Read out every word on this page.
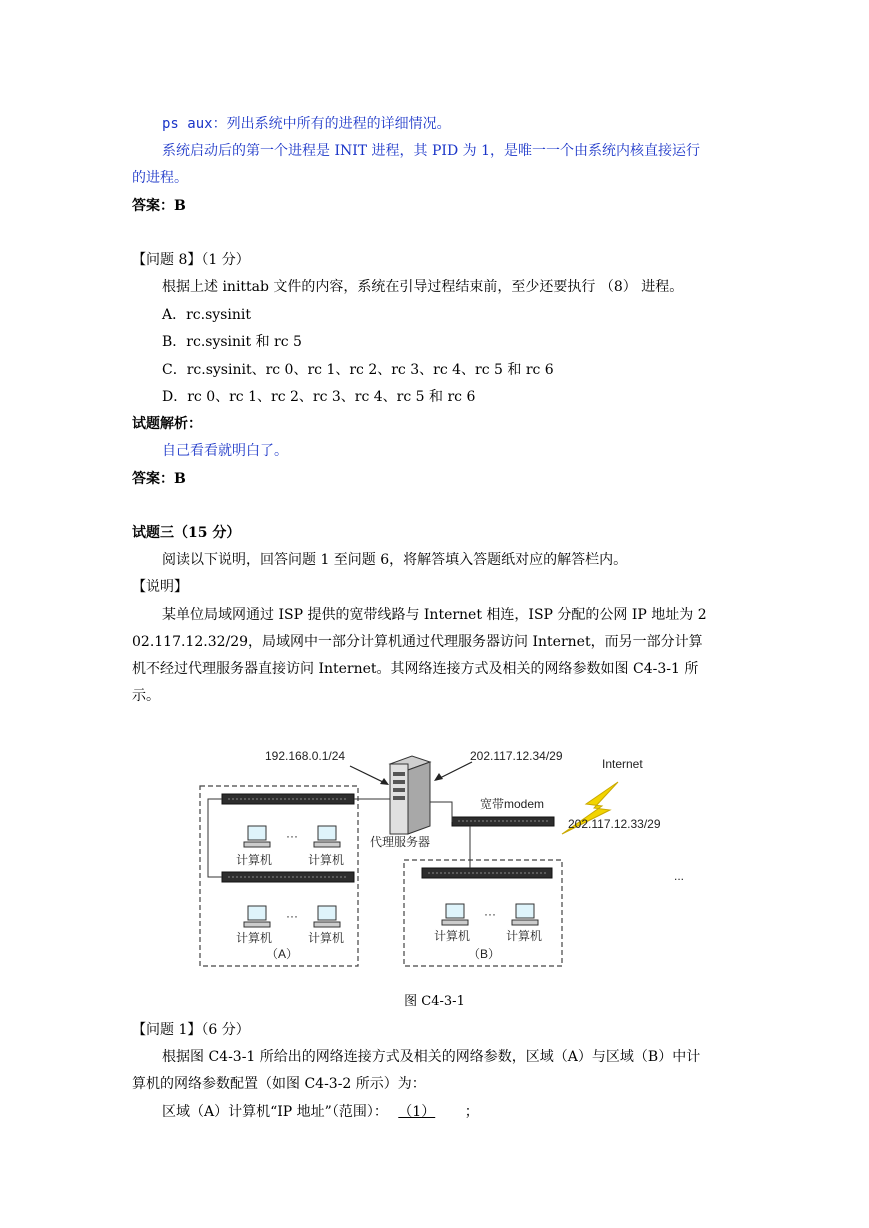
ps aux：列出系统中所有的进程的详细情况。
系统启动后的第一个进程是 INIT 进程，其 PID 为 1，是唯一一个由系统内核直接运行
的进程。
答案：B
【问题 8】（1 分）
根据上述 inittab 文件的内容，系统在引导过程结束前，至少还要执行 （8） 进程。
A．rc.sysinit
B．rc.sysinit 和 rc 5
C．rc.sysinit、rc 0、rc 1、rc 2、rc 3、rc 4、rc 5 和 rc 6
D．rc 0、rc 1、rc 2、rc 3、rc 4、rc 5 和 rc 6
试题解析：
自己看看就明白了。
答案：B
试题三（15 分）
阅读以下说明，回答问题 1 至问题 6，将解答填入答题纸对应的解答栏内。
【说明】
某单位局域网通过 ISP 提供的宽带线路与 Internet 相连，ISP 分配的公网 IP 地址为 2
02.117.12.32/29，局域网中一部分计算机通过代理服务器访问 Internet，而另一部分计算
机不经过代理服务器直接访问 Internet。其网络连接方式及相关的网络参数如图 C4-3-1 所
示。
192.168.0.1/24	202.117.12.34/29
Internet
宽带modem
202.117.12.33/29
代理服务器
···
···	···
计算机	计算机
计算机	计算机	计算机	计算机
（A）	（B）
...
图 C4-3-1
【问题 1】（6 分）
根据图 C4-3-1 所给出的网络连接方式及相关的网络参数，区域（A）与区域（B）中计
算机的网络参数配置（如图 C4-3-2 所示）为：
区域（A）计算机“IP 地址”（范围）： （1） ；
